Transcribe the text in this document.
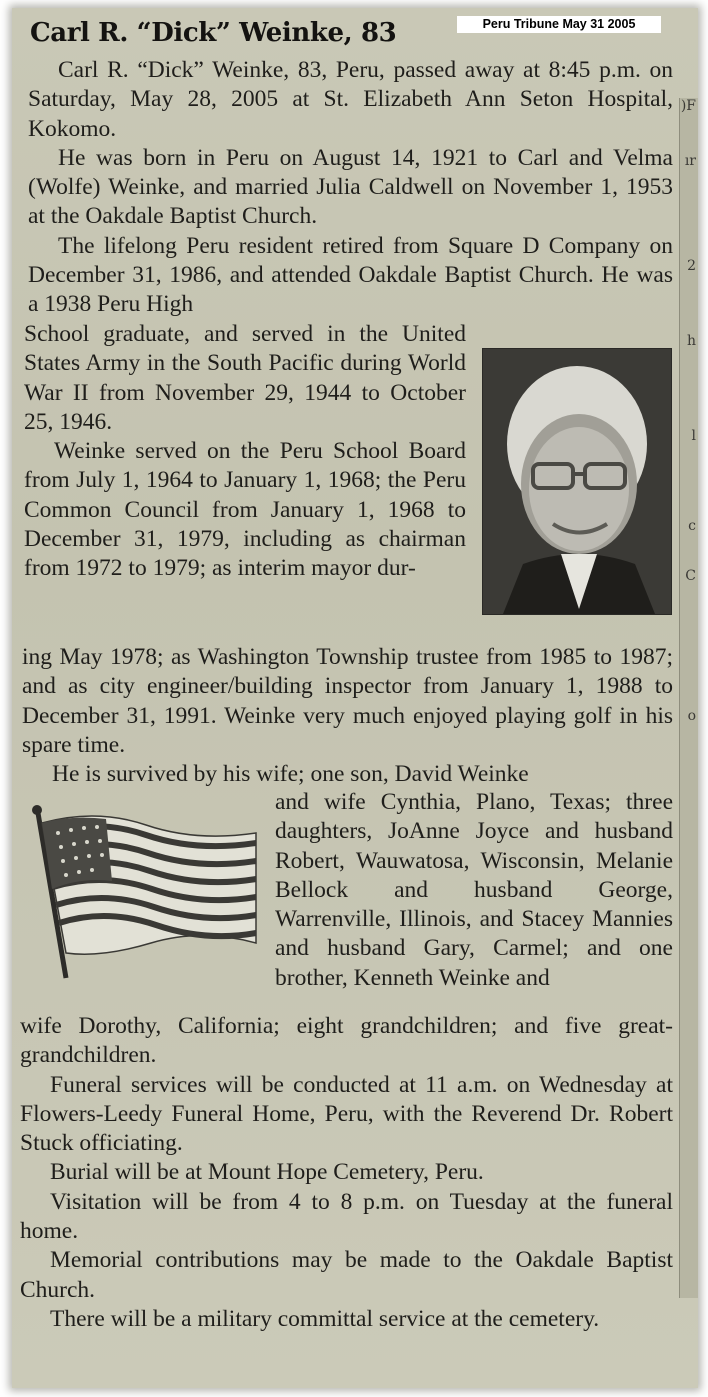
)F
ır
2
h
l
c
C
o
Carl R. “Dick” Weinke, 83

Carl R. “Dick” Weinke, 83, Peru, passed away at 8:45 p.m. on Saturday, May 28, 2005 at St. Elizabeth Ann Seton Hospital, Kokomo.

He was born in Peru on August 14, 1921 to Carl and Velma (Wolfe) Weinke, and married Julia Caldwell on November 1, 1953 at the Oakdale Baptist Church.

The lifelong Peru resident retired from Square D Company on December 31, 1986, and attended Oakdale Baptist Church. He was a 1938 Peru High

School graduate, and served in the United States Army in the South Pacific during World War II from November 29, 1944 to October 25, 1946.

Weinke served on the Peru School Board from July 1, 1964 to January 1, 1968; the Peru Common Council from January 1, 1968 to December 31, 1979, including as chairman from 1972 to 1979; as interim mayor dur-

ing May 1978; as Washington Township trustee from 1985 to 1987; and as city engineer/building inspector from January 1, 1988 to December 31, 1991. Weinke very much enjoyed playing golf in his spare time.

He is survived by his wife; one son, David Weinke

and wife Cynthia, Plano, Texas; three daughters, JoAnne Joyce and husband Robert, Wauwatosa, Wisconsin, Melanie Bellock and husband George, Warrenville, Illinois, and Stacey Mannies and husband Gary, Carmel; and one brother, Kenneth Weinke and

wife Dorothy, California; eight grandchildren; and five great-grandchildren.

Funeral services will be conducted at 11 a.m. on Wednesday at Flowers-Leedy Funeral Home, Peru, with the Reverend Dr. Robert Stuck officiating.

Burial will be at Mount Hope Cemetery, Peru.

Visitation will be from 4 to 8 p.m. on Tuesday at the funeral home.

Memorial contributions may be made to the Oakdale Baptist Church.

There will be a military committal service at the cemetery.

Peru Tribune May 31 2005
